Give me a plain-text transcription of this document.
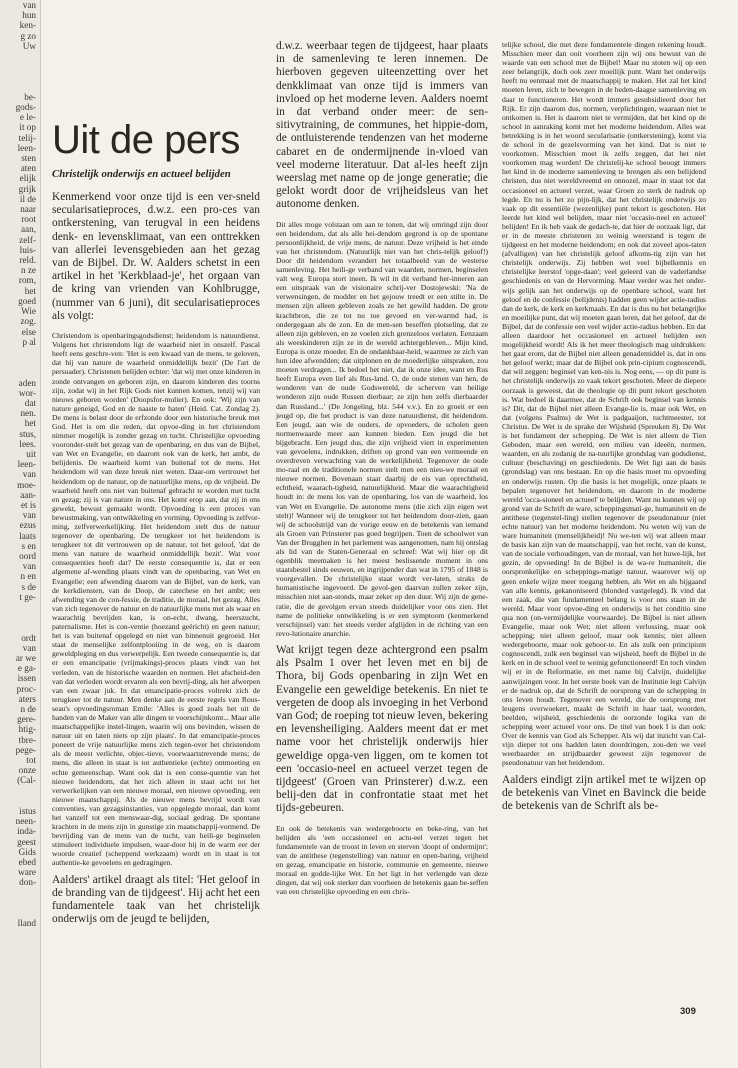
van
hun
ken-
g zo
Uw

be-
gods-
e le-
it op
telij-
leen-
sten
aten
elijk
grijk
il de
naar
root
aan,
zelf-
luis-
reld.
n ze
rom,
het
goed
Wie
zog.
else
p al

aden
wor-
dat
nen.
het
stus,
lees.
uit
leen-
van
moe-
aan-
et is
van
ezus
laats
s en
oord
van
n en
s de
t ge-

ordt
van
ar we
e ga-
issen
proc-
aters
n de
gere-
htig-
tbre-
pege-
tot
onze
(Cal-

istus
neen-
inda-
geest
Gids
ebed
ware
don-

lland
Uit de pers
Christelijk onderwijs en actueel belijden

Kenmerkend voor onze tijd is een ver-sneld secularisatieproces, d.w.z. een pro-ces van ontkerstening, van terugval in een heidens denk- en levensklimaat, van een onttrekken van allerlei levensgebieden aan het gezag van de Bijbel. Dr. W. Aalders schetst in een artikel in het 'Kerkblaad-je', het orgaan van de kring van vrienden van Kohlbrugge, (nummer van 6 juni), dit secularisatieproces als volgt:

Christendom is openbaringsgodsdienst; heidendom is natuurdienst. Volgens het christendom ligt de waarheid niet in onszelf. Pascal heeft eens geschre-ven: 'Het is een kwaad van de mens, te geloven, dat hij van nature de waarheid onmiddellijk bezit' (De l'art de persuader). Christenen belijden echter: 'dat wij met onze kinderen in zonde ontvangen en geboren zijn, en daarom kinderen des toorns zijn, zodat wij in het Rijk Gods niet kunnen komen, tenzij wij van nieuws geboren worden' (Doopsfor-mulier). En ook: 'Wij zijn van nature geneigd, God en de naaste te haten' (Heid. Cat. Zondag 2). De mens is belast door de erfzonde door een historische breuk met God. Het is om die reden, dat opvoe-ding in het christendom nimmer mogelijk is zonder gezag en tucht. Christelijke opvoeding vooronder-stelt het gezag van de openbaring, en dus van de Bijbel, van Wet en Evangelie, en daarom ook van de kerk, het ambt, de belijdenis. De waarheid komt van buitenaf tot de mens. Het heidendom wil van deze breuk niet weten. Daar-om vertrouwt het heidendom op de natuur, op de natuurlijke mens, op de vrijheid. De waarheid heeft ons niet van buitenaf gebracht te worden met tucht en gezag; zij is van nature in ons. Het komt erop aan, dat zij in ons gewekt, bewust gemaakt wordt. Opvoeding is een proces van bewustmaking, van ontwikkeling en vorming. Opvoeding is zelfvor-ming, zelfverwerkelijking. Het heidendom stelt dus de natuur tegenover de openbaring. De terugkeer tot het heidendom is terugkeer tot dit vertrouwen op de natuur, tot het geloof, 'dat de mens van nature de waarheid onmiddellijk bezit'. Wat voor consequenties heeft dat? De eerste consequentie is, dat er een algemene af-wending plaats vindt van de openbaring, van Wet en Evangelie; een afwending daarom van de Bijbel, van de kerk, van de kerkdiensten, van de Doop, de catechese en het ambt; een afwending van de con-fessie, de traditie, de moraal, het gezag. Alles van zich tegenover de natuur en de natuurlijke mens met als waar en waarachtig bevrijden kan, is on-echt, dwang, heerszucht, paternalisme. Het is con-ventie (hoezand geëricht) en geen natuur; het is van buitenaf opgelegd en niet van binnenuit gegroeid. Het staat de menselijke zelfontplooiing in de weg, en is daarom geweldpleging en dus verwerpelijk. Een tweede consequentie is, dat er een emancipatie (vrijmakings)-proces plaats vindt van het verleden, van de historische waarden en normen. Het afscheid-den van dat verleden wordt ervaren als een bevrij-ding, als het afwerpen van een zwaar juk. In dat emancipatie-proces voltrekt zich de terugkeer tot de natuur. Men denke aan de eerste regels van Rous-seau's opvoedingsroman Emile: 'Alles is goed zoals het uit de handen van de Maker van alle dingen te voorschijnkomt... Maar alle maatschappelijke instel-lingen, waarin wij ons bevinden, wissen de natuur uit en laten niets op zijn plaats'. In dat emancipatie-proces poneert de vrije natuurlijke mens zich tegen-over het christendom als de meest verlichte, objec-tieve, voorwaartstrevende mens; de mens, die alleen in staat is tot authentieke (echte) ontmoeting en echte gemeenschap. Want ook dat is een conse-quentie van het nieuwe heidendom, dat het zich alleen in staat acht tot het verwerkelijken van een nieuwe moraal, een nieuwe opvoeding, een nieuwe maatschappij. Als de nieuwe mens bevrijd wordt van conventies, van gezagsinstanties, van opgelegde moraal, dan komt het vanzelf tot een menswaar-dig, sociaal gedrag. De spontane krachten in de mens zijn in gunstige zin maatschappij-vormend. De bevrijding van de mens van de tucht, van heili-ge beginselen stimuleert individuele impulsen, waar-door hij in de warm eer der woorde creatief (scheppend werkzaam) wordt en in staat is tot authentie-ke gevoelens en gedragingen.

Aalders' artikel draagt als titel: 'Het geloof in de branding van de tijdgeest'. Hij acht het een fundamentele taak van het christelijk onderwijs om de jeugd te belijden,

d.w.z. weerbaar tegen de tijdgeest, haar plaats in de samenleving te leren innemen. De hierboven gegeven uiteenzetting over het denkklimaat van onze tijd is immers van invloed op het moderne leven. Aalders noemt in dat verband onder meer: de sen-sitivytraining, de communes, het hippie-dom, de ontluisterende tendenzen van het moderne cabaret en de ondermijnende in-vloed van veel moderne literatuur. Dat al-les heeft zijn weerslag met name op de jonge generatie; die gelokt wordt door de vrijheidsleus van het autonome denken.

Dit alles moge volstaan om aan te tonen, dat wij omringd zijn door een heidendom, dat als alle hei-dendom gegrond is op de spontane persoonlijkheid, de vrije mens, de natuur. Deze vrijheid is het einde van het christendom. (Natuurlijk niet van het chris-telijk geloof!) Door dit heidendom verandert het totaalbeeld van de westerse samenleving. Het heili-ge verband van waarden, normen, beginselen valt weg. Europa stort ineen. Ik wil in dit verband her-inneren aan een uitspraak van de visionaire schrij-ver Dostojewski: 'Na de verwensingen, de modder en het gejouw treedt er een stilte in. De mensen zijn alleen gebleven zoals ze het gewild hadden. De grote krachtbron, die ze tot nu toe gevoed en ver-warmd had, is ondergegaan als de zon. En de men-sen beseffen plotseling, dat ze alleen zijn gebleven, en ze voelen zich grenzeloos verlaten. Eenzaam als weeskinderen zijn ze in de wereld achtergebleven... Mijn kind, Europa is onze moeder. En de ondankbaar-heid, waarmee ze zich van hun idee afwendden; dat uitplonen en de moederlijke uitspraken, zou moeten verdragen... Ik bedoel het niet, dat ik onze idee, want en Rus heeft Europa even lief als Rus-land. O, de oude stenen van hen, de wonderen van de oude Godswereld, de scherven van heilige wonderen zijn oude Russen dierbaar; ze zijn hen zelfs dierbaarder dan Russland...' (De Jongeling, blz. 544 v.v.). En zo groeit er een jeugd op, die het product is van deze natuurdienst, dit heidendom. Een jeugd, aan wie de ouders, de opvoeders, de scholen geen normenwaarde meer aan kunnen bieden. Een jeugd die het bijgebracht. Een jeugd dus, die zijn vrijheid viert in experimenten van gevoelens, indrukken, driften op grond van een vermeende en overdreven verwachting van de werkelijkheid. Tegenover de oude mo-raal en de traditionele normen stelt men een nieu-we moraal en nieuwe normen. Bovenaan staat daarbij de eis van oprechtheid, echtheid, waarach-tigheid, natuurlijkheid. Maar die waarachtigheid houdt in: de mens los van de openbaring, los van de waarheid, los van Wet en Evangelie. De autonome mens (die zich zijn eigen wet stelt)! Wanneer wij de terugkeer tot het heidendom door-zien, gaan wij de schoolstrijd van de vorige eeuw en de betekenis van iemand als Groen van Prinsterer pas goed begrijpen. Toen de schoolwet van Van der Brugghen in het parlement was aangenomen, nam hij ontslag als lid van de Staten-Generaal en schreef: Wat wij hier op dit ogenblik meemaken is het meest beslissende moment in ons staatsbestel sinds eeuwen, en ingrijpender dan wat in 1795 of 1848 is voorgevallen. De christelijke staat wordt ver-laten, straks de humanistische ingevoerd. De gevol-gen daarvan zullen zeker zijn, misschien niet aan-stonds, maar zeker op den duur. Wij zijn de gene-ratie, die de gevolgen ervan steeds duidelijker voor ons zien. Het name de politieke ontwikkeling is er een symptoom (kenmerkend verschijnsel) van: het steeds verder afglijden in de richting van een revo-lutionaire anarchie.

Wat krijgt tegen deze achtergrond een psalm als Psalm 1 over het leven met en bij de Thora, bij Gods openbaring in zijn Wet en Evangelie een geweldige betekenis. En niet te vergeten de doop als invoeging in het Verbond van God; de roeping tot nieuw leven, bekering en levensheiliging. Aalders meent dat er met name voor het christelijk onderwijs hier geweldige opga-ven liggen, om te komen tot een 'occasio-neel en actueel verzet tegen de tijdgeest' (Groen van Prinsterer) d.w.z. een belij-den dat in confrontatie staat met het tijds-gebeuren.

En ook de betekenis van wedergeboorte en beke-ring, van het belijden als 'een occasioneel en actu-eel verzet tegen het fundamentele van de troost in leven en sterven 'doopt of ondermijnt'; van de antithese (tegenstelling) van natuur en open-baring, vrijheid en gezag, emancipatie en historie, communie en gemeente, nieuwe moraal en godde-lijke Wet. En het ligt in het verlengde van deze dingen, dat wij ook sterker dan voorheen de betekenis gaan be-seffen van een christelijke opvoeding en een chris-

telijke school, die met deze fundamentele dingen rekening houdt. Misschien meer dan ooit voorheen zijn wij ons bewust van de waarde van een school met de Bijbel! Maar nu stoten wij op een zeer belangrijk, doch ook zeer moeilijk punt. Want het onderwijs heeft nu eenmaal met de maatschappij te maken. Het zal het kind moeten leren, zich te bewegen in de heden-daagse samenleving en daar te functioneren. Het wordt immers gesubsidieerd door het Rijk. Er zijn daarom dus, normen, verplichtingen, waaraan niet te ontkomen is. Het is daarom niet te vermijden, dat het kind op de school in aanraking komt met het moderne heidendom. Alles wat betrekking is in het woord secularisatie (ontkerstening), komt via de school in de gezelsvorming van het kind. Dat is niet te voorkomen. Misschien moet ik zelfs zeggen, dat het niet voorkomen mag worden! De christelij-ke school beoogt immers het kind in de moderne samenleving te brengen als een belijdend christen, dus niet wereldvreemd en onnozel, maar in staat tot dat occasioneel en actueel verzet, waar Groen zo sterk de nadruk op legde. En nu is het zo pijn-lijk, dat het christelijk onderwijs zo vaak op dit essentiële (wezenlijke) punt tekort is geschoten. Het leerde het kind wel belijden, maar niet 'occasio-neel en actueel' belijden! En ik heb vaak de gedach-te, dat hier de oorzaak ligt, dat er in de meeste christenen zo weinig weerstand is tegen de tijdgeest en het moderne heidendom; en ook dat zoveel apos-taten (afvalligen) van het christelijk geloof afkoms-tig zijn van het christelijk onderwijs. Zij hebben wel veel bijbelkennis en christelijke leerstof 'opge-daan'; veel geleerd van de vaderlandse geschiedenis en van de Hervorming. Maar verder was het onder-wijs gelijk aan het onderwijs op de openbare school, want het geloof en de confessie (belijdenis) hadden geen wijder actie-radius dan de kerk, de kerk en kerkmaals. En dat is dus nu het belangrijke en moeilijke punt, dat wij moeten gaan leren, dat het geloof, dat de Bijbel, dat de confessie een veel wijder actie-radius hebben. En dat alleen daardoor het occasioneel en actueel belijden een mogelijkheid wordt! Als ik het meer theologisch mag uitdrukken: het gaat erom, dat de Bijbel niet alleen genademiddel is, dat in ons het geloof werkt; maar dat de Bijbel ook prin-cipium cognoscendi, dat wil zeggen: beginsel van ken-nis is. Nog eens, — op dit punt is het christelijk onderwijs zo vaak tekort geschoten. Meer de diepere oorzaak is geweest, dat de theologie op dit punt tekort geschoten is. Wat bedoel ik daarmee, dat de Schrift ook beginsel van kennis is? Dit, dat de Bijbel niet alleen Evange-lie is, maar ook Wet, en dat (volgens Psalms) de Wet is padgaaijon, tuchtmeester, tot Christus. De Wet is de sprake der Wijsheid (Spreuken 8). De Wet is het fundament der schepping. De Wet is niet alleen de Tien Geboden, maar een wereld, een milieu van ideeën, normen, waarden, en als zodanig de na-tuurlijke grondslag van godsdienst, cultuur (beschaving) en geschiedenis. De Wet ligt aan de basis (grondslag) van ons bestaan. En op die basis moet nu opvoeding en onderwijs rusten. Op die basis is het mogelijk, onze plaats te bepalen tegenover het heidendom, en daarom in de moderne wereld 'occa-sioneel en actueel' te belijden. Want nu kunnen wij op grond van de Schrift de ware, scheppingsmati-ge, humaniteit en de antithese (tegenstel-ling) stellen tegenover de pseudonatuur (niet echte natuur) van het moderne heidendom. Nu weten wij van de ware humaniteit (menselijkheid)! Nu we-ten wij wat alleen maar de basis kan zijn van de maatschappij, van het recht, van de kunst, van de sociale verhoudingen, van de moraal, van het huwe-lijk, het gezin, de opvoeding! In de Bijbel is de wa-re humaniteit, die oorspronkelijke en scheppings-matige natuur, waarover wij op geen enkele wijze meer toegang hebben, als Wet en als bijgaand van alle kennis, gekanoniseerd (blonded vastgelegd). Ik vind dat een zaak, die van fundamenteel belang is voor ons staan in de wereld. Maar voor opvoe-ding en onderwijs is het conditio sine qua non (on-vermijdelijke voorwaarde). De Bijbel is niet alleen Evangelie, maar ook Wet; niet alleen verlossing, maar ook schepping; niet alleen geloof, maar ook kennis; niet alleen wedergeboorte, maar ook geboor-te. En als zulk een principium cognoscendi, zulk een beginsel van wijsheid, heeft de Bijbel in de kerk en in de school veel te weinig gefunctioneerd! En toch vinden wij er in de Reformatie, en met name bij Calvijn, duidelijke aanwijzingen voor. In het eerste boek van de Institutie legt Calvijn er de nadruk op, dat de Schrift de oorsprong van de schepping in ons leven houdt. Tegenover een wereld, die de oorsprong met leugens overwoekert, maakt de Schrift in haar taal, woorden, beelden, wijsheid, geschiedenis de oorzonde logika van de schepping weer actueel voor ons. De titel van boek I is dan ook: Over de kennis van God als Schepper. Als wij dat inzicht van Cal-vijn dieper tot ons hadden laten doordringen, zou-den we veel weerbaarder en strijdbaarder geweest zijn tegenover de pseudonatuur van het heidendom.

Aalders eindigt zijn artikel met te wijzen op de betekenis van Vinet en Bavinck die beide de betekenis van de Schrift als be-

309
